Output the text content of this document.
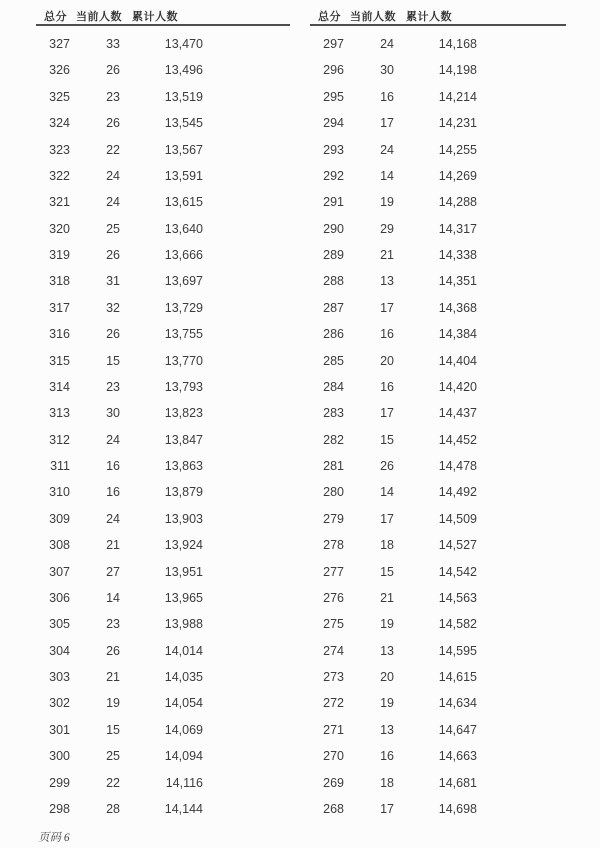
总分 当前人数 累计人数
327	33	13,470
326	26	13,496
325	23	13,519
324	26	13,545
323	22	13,567
322	24	13,591
321	24	13,615
320	25	13,640
319	26	13,666
318	31	13,697
317	32	13,729
316	26	13,755
315	15	13,770
314	23	13,793
313	30	13,823
312	24	13,847
311	16	13,863
310	16	13,879
309	24	13,903
308	21	13,924
307	27	13,951
306	14	13,965
305	23	13,988
304	26	14,014
303	21	14,035
302	19	14,054
301	15	14,069
300	25	14,094
299	22	14,116
298	28	14,144
总分 当前人数 累计人数
297	24	14,168
296	30	14,198
295	16	14,214
294	17	14,231
293	24	14,255
292	14	14,269
291	19	14,288
290	29	14,317
289	21	14,338
288	13	14,351
287	17	14,368
286	16	14,384
285	20	14,404
284	16	14,420
283	17	14,437
282	15	14,452
281	26	14,478
280	14	14,492
279	17	14,509
278	18	14,527
277	15	14,542
276	21	14,563
275	19	14,582
274	13	14,595
273	20	14,615
272	19	14,634
271	13	14,647
270	16	14,663
269	18	14,681
268	17	14,698
页码 6
